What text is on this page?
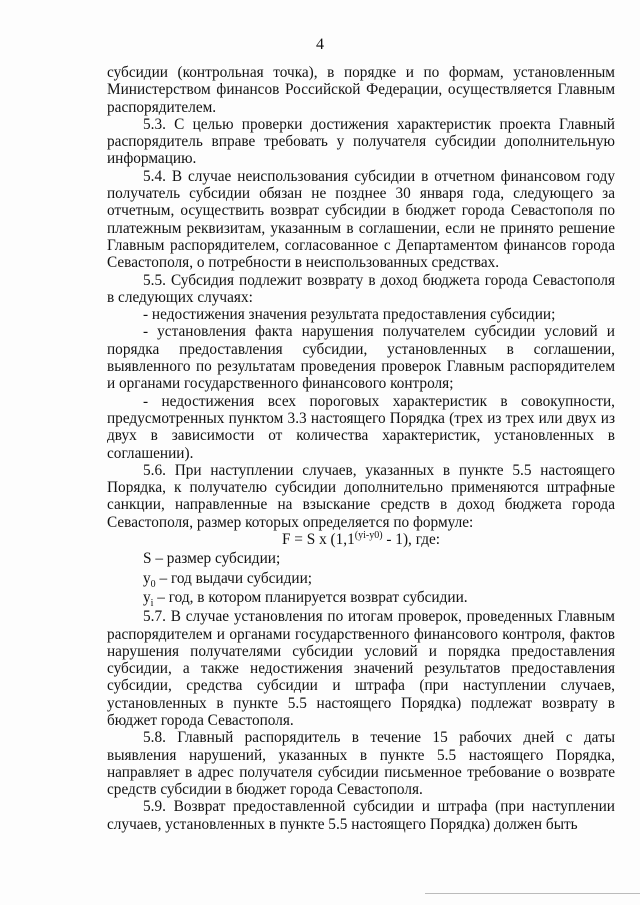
4

субсидии (контрольная точка), в порядке и по формам, установленным Министерством финансов Российской Федерации, осуществляется Главным распорядителем.

5.3. С целью проверки достижения характеристик проекта Главный распорядитель вправе требовать у получателя субсидии дополнительную информацию.

5.4. В случае неиспользования субсидии в отчетном финансовом году получатель субсидии обязан не позднее 30 января года, следующего за отчетным, осуществить возврат субсидии в бюджет города Севастополя по платежным реквизитам, указанным в соглашении, если не принято решение Главным распорядителем, согласованное с Департаментом финансов города Севастополя, о потребности в неиспользованных средствах.

5.5. Субсидия подлежит возврату в доход бюджета города Севастополя в следующих случаях:

- недостижения значения результата предоставления субсидии;

- установления факта нарушения получателем субсидии условий и порядка предоставления субсидии, установленных в соглашении, выявленного по результатам проведения проверок Главным распорядителем и органами государственного финансового контроля;

- недостижения всех пороговых характеристик в совокупности, предусмотренных пунктом 3.3 настоящего Порядка (трех из трех или двух из двух в зависимости от количества характеристик, установленных в соглашении).

5.6. При наступлении случаев, указанных в пункте 5.5 настоящего Порядка, к получателю субсидии дополнительно применяются штрафные санкции, направленные на взыскание средств в доход бюджета города Севастополя, размер которых определяется по формуле:

F = S x $(1,1^{(yi-y0)} - 1)$, где:

S – размер субсидии;

$y_0$ – год выдачи субсидии;

$y_i$ – год, в котором планируется возврат субсидии.

5.7. В случае установления по итогам проверок, проведенных Главным распорядителем и органами государственного финансового контроля, фактов нарушения получателями субсидии условий и порядка предоставления субсидии, а также недостижения значений результатов предоставления субсидии, средства субсидии и штрафа (при наступлении случаев, установленных в пункте 5.5 настоящего Порядка) подлежат возврату в бюджет города Севастополя.

5.8. Главный распорядитель в течение 15 рабочих дней с даты выявления нарушений, указанных в пункте 5.5 настоящего Порядка, направляет в адрес получателя субсидии письменное требование о возврате средств субсидии в бюджет города Севастополя.

5.9. Возврат предоставленной субсидии и штрафа (при наступлении случаев, установленных в пункте 5.5 настоящего Порядка) должен быть
